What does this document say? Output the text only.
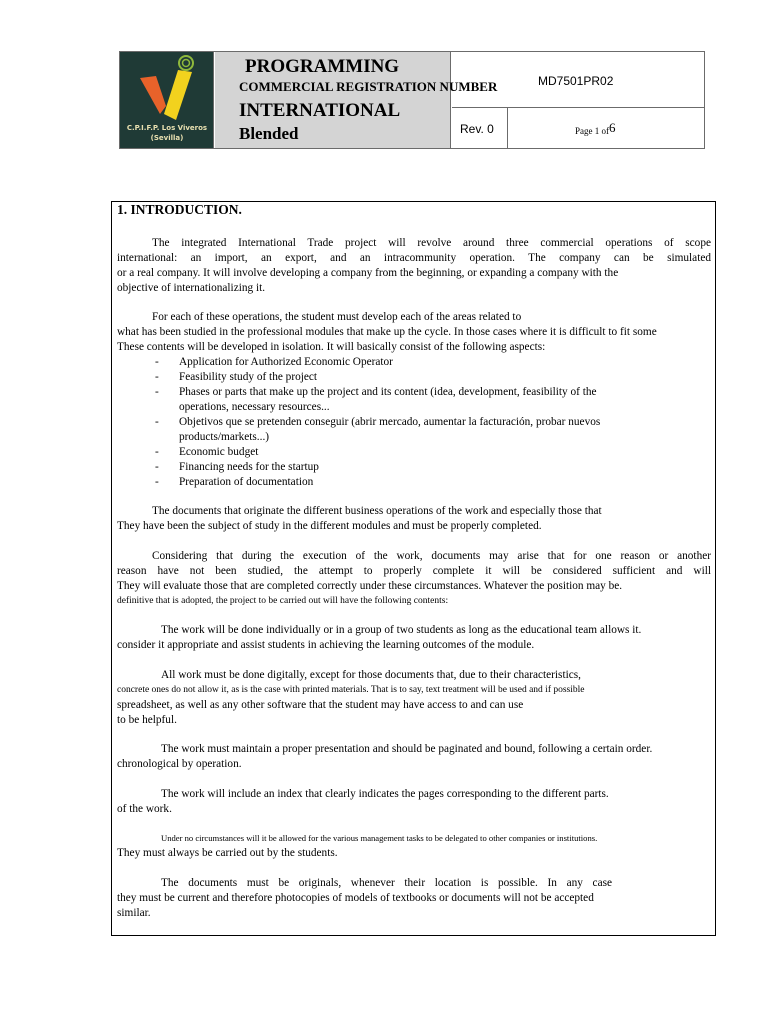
C.P.I.F.P. Los Viveros
(Sevilla)
PROGRAMMING
COMMERCIAL REGISTRATION NUMBER
INTERNATIONAL
Blended
MD7501PR02
Rev. 0	Page 1 of6
1. INTRODUCTION.
The integrated International Trade project will revolve around three commercial operations of scope
international: an import, an export, and an intracommunity operation. The company can be simulated
or a real company. It will involve developing a company from the beginning, or expanding a company with the
objective of internationalizing it.
For each of these operations, the student must develop each of the areas related to
what has been studied in the professional modules that make up the cycle. In those cases where it is difficult to fit some
These contents will be developed in isolation. It will basically consist of the following aspects:
- Application for Authorized Economic Operator
- Feasibility study of the project
- Phases or parts that make up the project and its content (idea, development, feasibility of the
operations, necessary resources...
- Objetivos que se pretenden conseguir (abrir mercado, aumentar la facturación, probar nuevos
products/markets...)
- Economic budget
- Financing needs for the startup
- Preparation of documentation
The documents that originate the different business operations of the work and especially those that
They have been the subject of study in the different modules and must be properly completed.
Considering that during the execution of the work, documents may arise that for one reason or another
reason have not been studied, the attempt to properly complete it will be considered sufficient and will
They will evaluate those that are completed correctly under these circumstances. Whatever the position may be.
definitive that is adopted, the project to be carried out will have the following contents:
The work will be done individually or in a group of two students as long as the educational team allows it.
consider it appropriate and assist students in achieving the learning outcomes of the module.
All work must be done digitally, except for those documents that, due to their characteristics,
concrete ones do not allow it, as is the case with printed materials. That is to say, text treatment will be used and if possible
spreadsheet, as well as any other software that the student may have access to and can use
to be helpful.
The work must maintain a proper presentation and should be paginated and bound, following a certain order.
chronological by operation.
The work will include an index that clearly indicates the pages corresponding to the different parts.
of the work.
Under no circumstances will it be allowed for the various management tasks to be delegated to other companies or institutions.
They must always be carried out by the students.
The documents must be originals, whenever their location is possible. In any case
they must be current and therefore photocopies of models of textbooks or documents will not be accepted
similar.
